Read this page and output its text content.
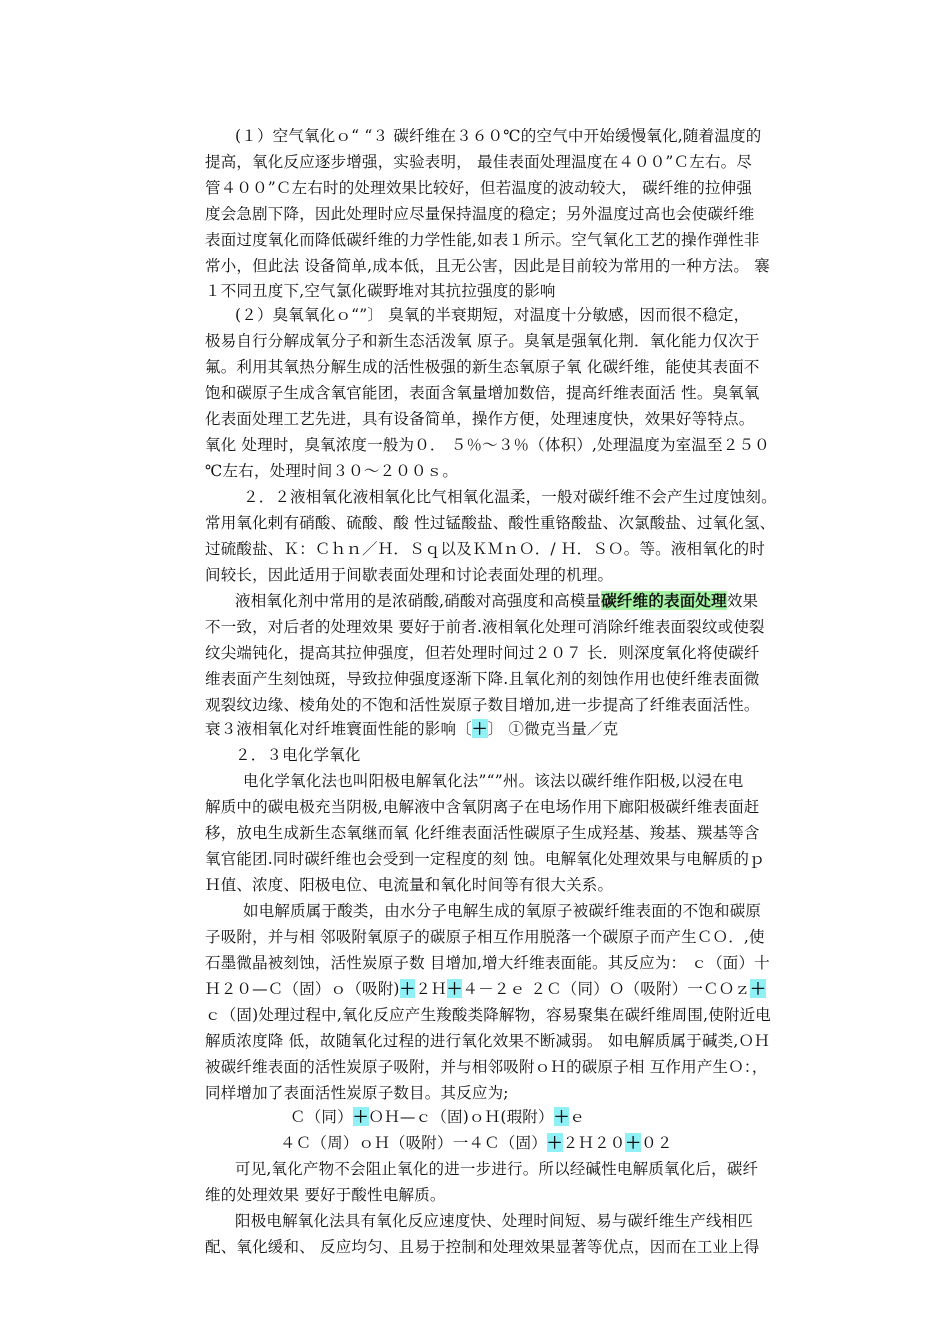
(１）空气氧化ｏ“ “３ 碳纤维在３６０℃的空气中开始缓慢氧化,随着温度的
提高，氧化反应逐步增强，实验表明， 最佳表面处理温度在４００”Ｃ左右。尽
管４００”Ｃ左右时的处理效果比较好，但若温度的波动较大， 碳纤维的拉伸强
度会急剧下降，因此处理时应尽量保持温度的稳定；另外温度过高也会使碳纤维
表面过度氧化而降低碳纤维的力学性能,如表１所示。空气氧化工艺的操作弹性非
常小，但此法 设备简单,成本低，且无公害，因此是目前较为常用的一种方法。 褰
１不同丑度下,空气氯化碳野堆对其抗拉强度的影响
(２）臭氧氧化ｏ“”〕 臭氧的半衰期短，对温度十分敏感，因而很不稳定，
极易自行分解成氧分子和新生态活泼氧 原子。臭氧是强氧化荆．氧化能力仅次于
氟。利用其氧热分解生成的活性极强的新生态氧原子氧 化碳纤维，能使其表面不
饱和碳原子生成含氧官能团，表面含氧量增加数倍，提高纤维表面活 性。臭氧氧
化表面处理工艺先进，具有设备简单，操作方便，处理速度快，效果好等特点。
氧化 处理时，臭氧浓度一般为０． ５％～３％（体积）,处理温度为室温至２５０
℃左右，处理时间３０～２００ｓ。
２．２液相氧化液相氧化比气相氧化温柔，一般对碳纤维不会产生过度蚀刻。
常用氧化剌有硝酸、硫酸、酸 性过锰酸盐、酸性重铬酸盐、次氯酸盐、过氧化氢、
过硫酸盐、Ｋ：Ｃｈｎ／Ｈ．Ｓｑ以及ＫＭｎＯ．/ Ｈ．ＳＯ。等。液相氧化的时
间较长，因此适用于间歇表面处理和讨论表面处理的机理。
液相氧化剂中常用的是浓硝酸,硝酸对高强度和高模量碳纤维的表面处理效果
不一致，对后者的处理效果 要好于前者.液相氧化处理可消除纤维表面裂纹或使裂
纹尖端钝化，提高其拉伸强度，但若处理时间过２０７ 长．则深度氧化将使碳纤
维表面产生刻蚀斑，导致拉伸强度逐渐下降.且氧化剂的刻蚀作用也使纤维表面微
观裂纹边缘、棱角处的不饱和活性炭原子数目增加,进一步提高了纤维表面活性。
衰３液相氧化对纤堆寰面性能的影响〔＋〕 ①微克当量／克
２．３电化学氧化
电化学氧化法也叫阳极电解氧化法”“”州。该法以碳纤维作阳极,以浸在电
解质中的碳电极充当阴极,电解液中含氧阴离子在电场作用下廊阳极碳纤维表面赶
移，放电生成新生态氧继而氧 化纤维表面活性碳原子生成羟基、羧基、羰基等含
氧官能团.同时碳纤维也会受到一定程度的刻 蚀。电解氧化处理效果与电解质的ｐ
Ｈ值、浓度、阳极电位、电流量和氧化时间等有很大关系。
如电解质属于酸类，由水分子电解生成的氧原子被碳纤维表面的不饱和碳原
子吸附，并与相 邻吸附氧原子的碳原子相互作用脱落一个碳原子而产生ＣＯ．,使
石墨微晶被刻蚀，活性炭原子数 目增加,增大纤维表面能。其反应为： ｃ（面）十
Ｈ２０—Ｃ（固）ｏ（吸附)＋２Ｈ＋４－２ｅ ２Ｃ（同）Ｏ（吸附）一ＣＯｚ＋
ｃ（固)处理过程中,氧化反应产生羧酸类降解物，容易聚集在碳纤维周围,使附近电
解质浓度降 低，故随氧化过程的进行氧化效果不断减弱。 如电解质属于碱类,ＯＨ
被碳纤维表面的活性炭原子吸附，并与相邻吸附ｏＨ的碳原子相 互作用产生Ｏ：，
同样增加了表面活性炭原子数目。其反应为;
Ｃ（同）＋ＯＨ—ｃ（固)ｏＨ(瑕附）＋ｅ
４Ｃ（周）ｏＨ（吸附）一４Ｃ（固）＋２Ｈ２０＋０２
可见,氧化产物不会阻止氧化的进一步进行。所以经碱性电解质氧化后，碳纤
维的处理效果 要好于酸性电解质。
阳极电解氧化法具有氧化反应速度快、处理时间短、易与碳纤维生产线相匹
配、氧化缓和、 反应均匀、且易于控制和处理效果显著等优点，因而在工业上得
